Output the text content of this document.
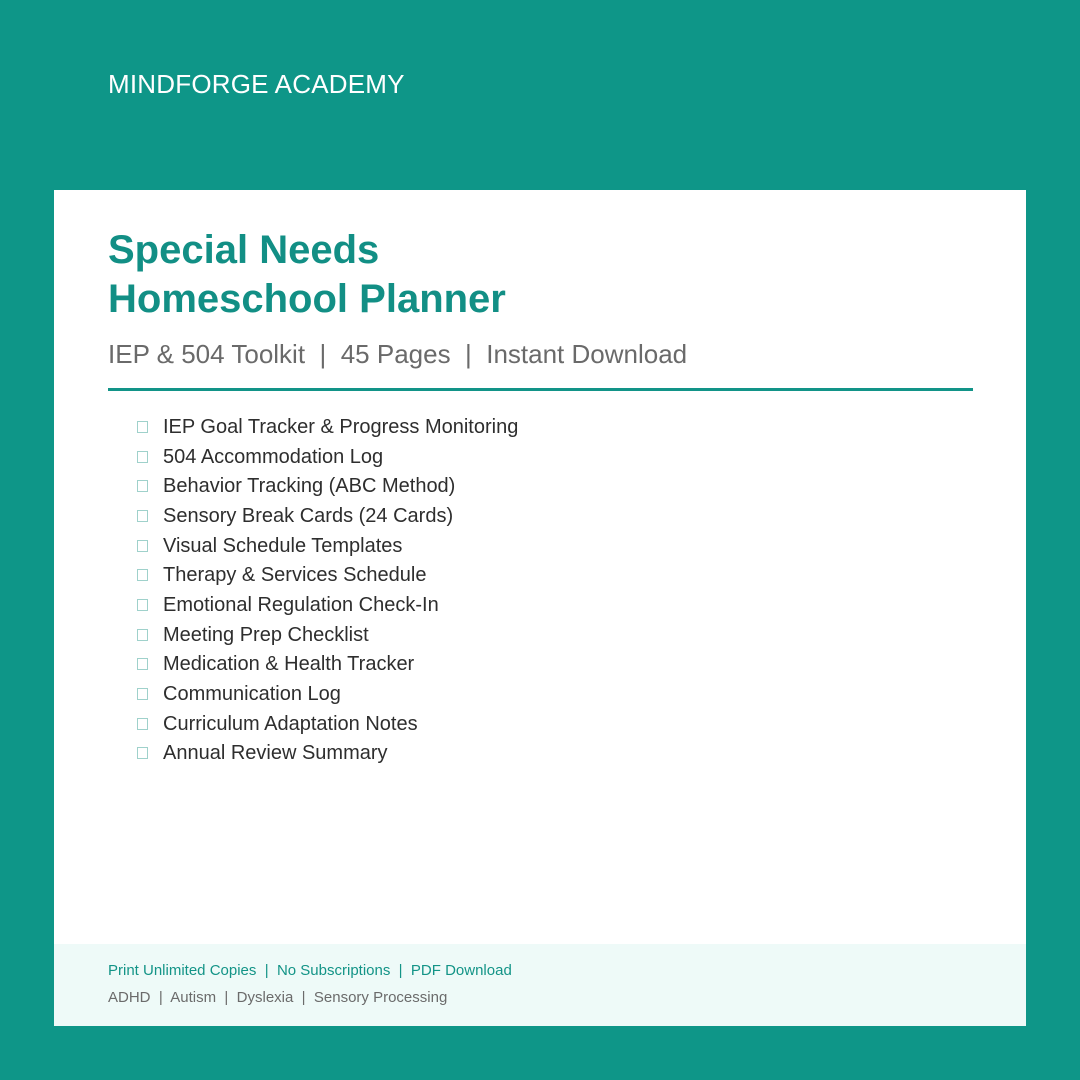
MINDFORGE ACADEMY
Special Needs
Homeschool Planner
IEP & 504 Toolkit  |  45 Pages  |  Instant Download
IEP Goal Tracker & Progress Monitoring
504 Accommodation Log
Behavior Tracking (ABC Method)
Sensory Break Cards (24 Cards)
Visual Schedule Templates
Therapy & Services Schedule
Emotional Regulation Check-In
Meeting Prep Checklist
Medication & Health Tracker
Communication Log
Curriculum Adaptation Notes
Annual Review Summary
Print Unlimited Copies  |  No Subscriptions  |  PDF Download
ADHD  |  Autism  |  Dyslexia  |  Sensory Processing
